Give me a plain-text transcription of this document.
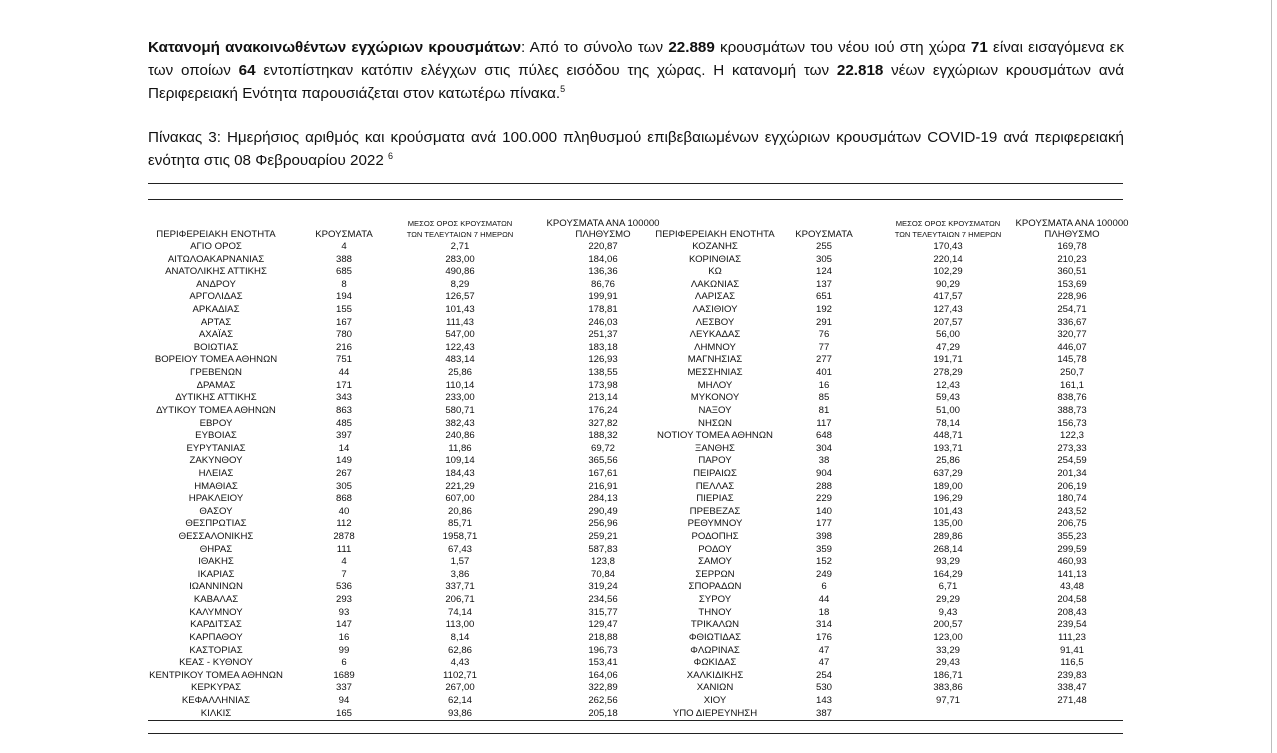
Κατανομή ανακοινωθέντων εγχώριων κρουσμάτων: Από το σύνολο των 22.889 κρουσμάτων του νέου ιού στη χώρα 71 είναι εισαγόμενα εκ των οποίων 64 εντοπίστηκαν κατόπιν ελέγχων στις πύλες εισόδου της χώρας. Η κατανομή των 22.818 νέων εγχώριων κρουσμάτων ανά Περιφερειακή Ενότητα παρουσιάζεται στον κατωτέρω πίνακα.$^5$

Πίνακας 3: Ημερήσιος αριθμός και κρούσματα ανά 100.000 πληθυσμού επιβεβαιωμένων εγχώριων κρουσμάτων COVID-19 ανά περιφερειακή ενότητα στις 08 Φεβρουαρίου 2022 $^6$

ΠΕΡΙΦΕΡΕΙΑΚΗ ΕΝΟΤΗΤΑ	ΚΡΟΥΣΜΑΤΑ
ΜΕΣΟΣ ΟΡΟΣ ΚΡΟΥΣΜΑΤΩΝ
ΤΩΝ ΤΕΛΕΥΤΑΙΩΝ 7 ΗΜΕΡΩΝ
ΚΡΟΥΣΜΑΤΑ ΑΝΑ 100000
ΠΛΗΘΥΣΜΟ	ΠΕΡΙΦΕΡΕΙΑΚΗ ΕΝΟΤΗΤΑ	ΚΡΟΥΣΜΑΤΑ
ΜΕΣΟΣ ΟΡΟΣ ΚΡΟΥΣΜΑΤΩΝ
ΤΩΝ ΤΕΛΕΥΤΑΙΩΝ 7 ΗΜΕΡΩΝ
ΚΡΟΥΣΜΑΤΑ ΑΝΑ 100000
ΠΛΗΘΥΣΜΟ
ΑΓΙΟ ΟΡΟΣ	4	2,71	220,87	ΚΟΖΑΝΗΣ	255	170,43	169,78
ΑΙΤΩΛΟΑΚΑΡΝΑΝΙΑΣ	388	283,00	184,06	ΚΟΡΙΝΘΙΑΣ	305	220,14	210,23
ΑΝΑΤΟΛΙΚΗΣ ΑΤΤΙΚΗΣ	685	490,86	136,36	ΚΩ	124	102,29	360,51
ΑΝΔΡΟΥ	8	8,29	86,76	ΛΑΚΩΝΙΑΣ	137	90,29	153,69
ΑΡΓΟΛΙΔΑΣ	194	126,57	199,91	ΛΑΡΙΣΑΣ	651	417,57	228,96
ΑΡΚΑΔΙΑΣ	155	101,43	178,81	ΛΑΣΙΘΙΟΥ	192	127,43	254,71
ΑΡΤΑΣ	167	111,43	246,03	ΛΕΣΒΟΥ	291	207,57	336,67
ΑΧΑΪΑΣ	780	547,00	251,37	ΛΕΥΚΑΔΑΣ	76	56,00	320,77
ΒΟΙΩΤΙΑΣ	216	122,43	183,18	ΛΗΜΝΟΥ	77	47,29	446,07
ΒΟΡΕΙΟΥ ΤΟΜΕΑ ΑΘΗΝΩΝ	751	483,14	126,93	ΜΑΓΝΗΣΙΑΣ	277	191,71	145,78
ΓΡΕΒΕΝΩΝ	44	25,86	138,55	ΜΕΣΣΗΝΙΑΣ	401	278,29	250,7
ΔΡΑΜΑΣ	171	110,14	173,98	ΜΗΛΟΥ	16	12,43	161,1
ΔΥΤΙΚΗΣ ΑΤΤΙΚΗΣ	343	233,00	213,14	ΜΥΚΟΝΟΥ	85	59,43	838,76
ΔΥΤΙΚΟΥ ΤΟΜΕΑ ΑΘΗΝΩΝ	863	580,71	176,24	ΝΑΞΟΥ	81	51,00	388,73
ΕΒΡΟΥ	485	382,43	327,82	ΝΗΣΩΝ	117	78,14	156,73
ΕΥΒΟΙΑΣ	397	240,86	188,32	ΝΟΤΙΟΥ ΤΟΜΕΑ ΑΘΗΝΩΝ	648	448,71	122,3
ΕΥΡΥΤΑΝΙΑΣ	14	11,86	69,72	ΞΑΝΘΗΣ	304	193,71	273,33
ΖΑΚΥΝΘΟΥ	149	109,14	365,56	ΠΑΡΟΥ	38	25,86	254,59
ΗΛΕΙΑΣ	267	184,43	167,61	ΠΕΙΡΑΙΩΣ	904	637,29	201,34
ΗΜΑΘΙΑΣ	305	221,29	216,91	ΠΕΛΛΑΣ	288	189,00	206,19
ΗΡΑΚΛΕΙΟΥ	868	607,00	284,13	ΠΙΕΡΙΑΣ	229	196,29	180,74
ΘΑΣΟΥ	40	20,86	290,49	ΠΡΕΒΕΖΑΣ	140	101,43	243,52
ΘΕΣΠΡΩΤΙΑΣ	112	85,71	256,96	ΡΕΘΥΜΝΟΥ	177	135,00	206,75
ΘΕΣΣΑΛΟΝΙΚΗΣ	2878	1958,71	259,21	ΡΟΔΟΠΗΣ	398	289,86	355,23
ΘΗΡΑΣ	111	67,43	587,83	ΡΟΔΟΥ	359	268,14	299,59
ΙΘΑΚΗΣ	4	1,57	123,8	ΣΑΜΟΥ	152	93,29	460,93
ΙΚΑΡΙΑΣ	7	3,86	70,84	ΣΕΡΡΩΝ	249	164,29	141,13
ΙΩΑΝΝΙΝΩΝ	536	337,71	319,24	ΣΠΟΡΑΔΩΝ	6	6,71	43,48
ΚΑΒΑΛΑΣ	293	206,71	234,56	ΣΥΡΟΥ	44	29,29	204,58
ΚΑΛΥΜΝΟΥ	93	74,14	315,77	ΤΗΝΟΥ	18	9,43	208,43
ΚΑΡΔΙΤΣΑΣ	147	113,00	129,47	ΤΡΙΚΑΛΩΝ	314	200,57	239,54
ΚΑΡΠΑΘΟΥ	16	8,14	218,88	ΦΘΙΩΤΙΔΑΣ	176	123,00	111,23
ΚΑΣΤΟΡΙΑΣ	99	62,86	196,73	ΦΛΩΡΙΝΑΣ	47	33,29	91,41
ΚΕΑΣ - ΚΥΘΝΟΥ	6	4,43	153,41	ΦΩΚΙΔΑΣ	47	29,43	116,5
ΚΕΝΤΡΙΚΟΥ ΤΟΜΕΑ ΑΘΗΝΩΝ	1689	1102,71	164,06	ΧΑΛΚΙΔΙΚΗΣ	254	186,71	239,83
ΚΕΡΚΥΡΑΣ	337	267,00	322,89	ΧΑΝΙΩΝ	530	383,86	338,47
ΚΕΦΑΛΛΗΝΙΑΣ	94	62,14	262,56	ΧΙΟΥ	143	97,71	271,48
ΚΙΛΚΙΣ	165	93,86	205,18	ΥΠΟ ΔΙΕΡΕΥΝΗΣΗ	387
